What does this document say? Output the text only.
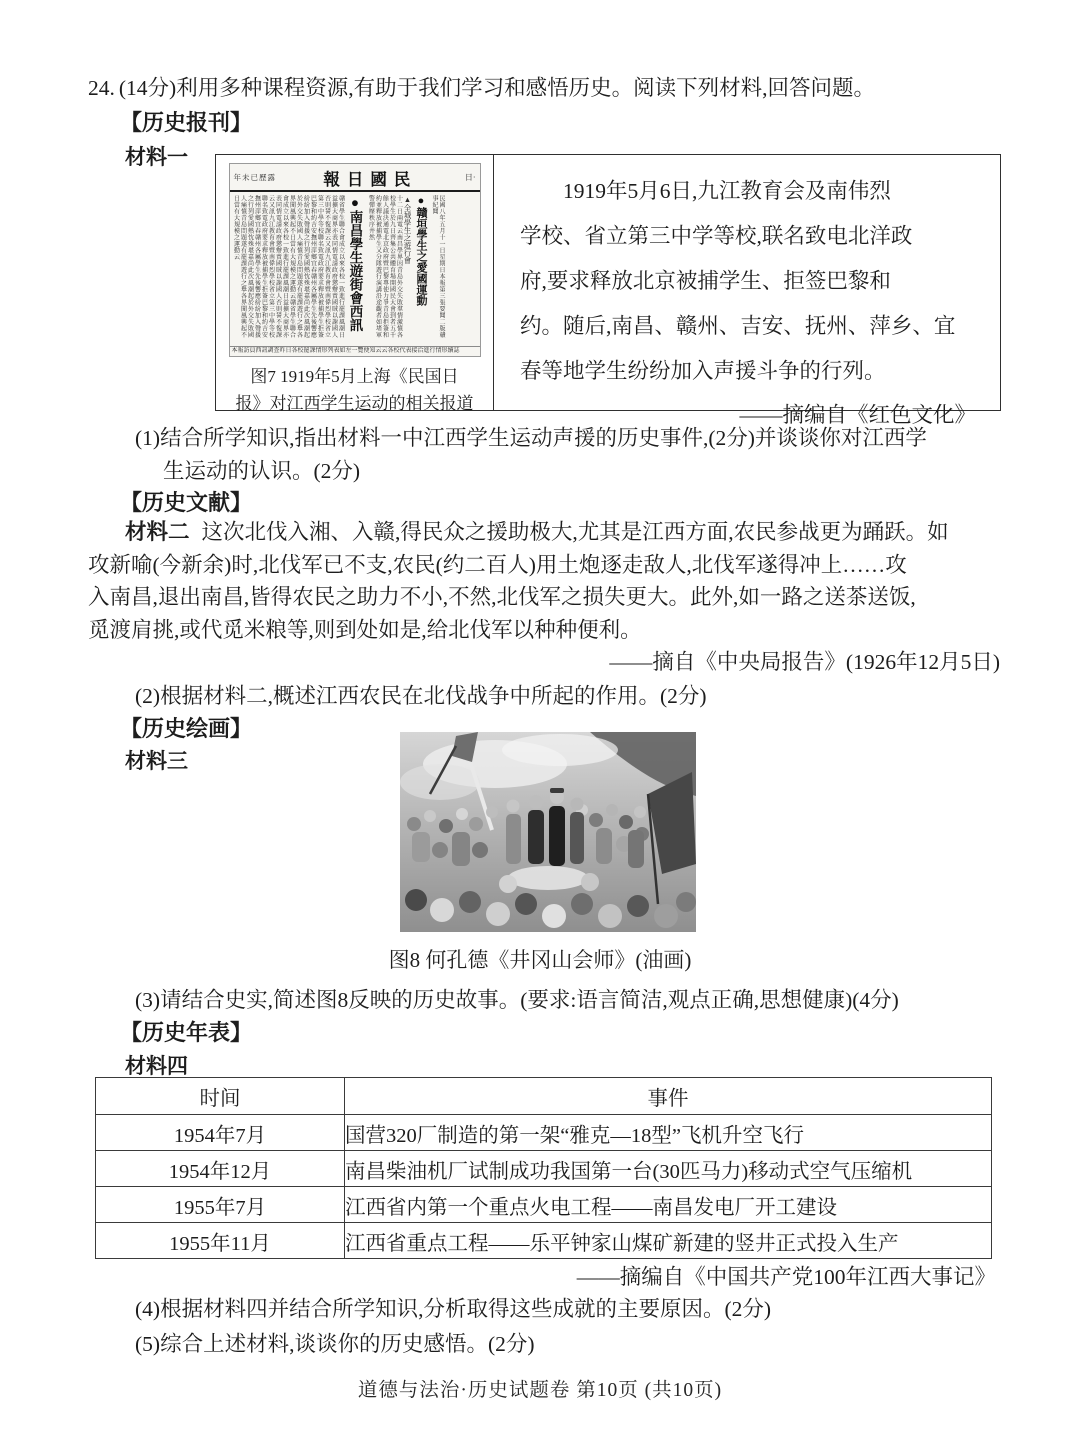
24. (14分)利用多种课程资源,有助于我们学习和感悟历史。阅读下列材料,回答问题。
【历史报刊】
材料一
年未已歷露	報日國民	日·
民國八年五月十一日星期日本報第三張要聞二版贛事紀聞
●贛垣學生之愛國運動
▲全城學生之遊行會
十二日兩電云南昌學界因青島外交失敗羣情激憤各校學生於九日齊集公共體育場開國民大會到者五千餘人議決通電北京政府暨巴黎專使力爭青島拒簽和約並釋放被捕學生又分隊遊行演講沿途觀者如堵軍警彈壓秩序井然
●南昌學生遊街會西訊
贛省學生聯合會成立以來各校一致進行罷課風潮日益擴大商界亦表同情電請政府懲辦賣國賊以謝國人否則誓不復課云又訊九江教育會暨南偉烈學校省立第三中學等校聯名致電政府要求釋放被捕學生拒簽巴黎和約吉安撫州萍鄉宜春贛州各屬學生先後響應紛紛加入聲援之行列愛國熱忱殊堪嘉尚此次風潮起於外交失敗國人痛憤青島問題遂有罷課遊行之舉各界聞風興起不日當有大規模之運動云贛省學生聯合會成立以來各校一致進行罷課風潮日益擴大商界亦表同情電請政府懲辦賣國賊以謝國人否則誓不復課云又訊九江教育會暨南偉烈學校省立第三中學等校聯名致電政府要求釋放被捕學生拒簽巴黎和約吉安撫州萍鄉宜春贛州各屬學生先後響應紛紛加入聲援之行列愛國熱忱殊堪嘉尚此次風潮起於外交失敗國人痛憤青島問題遂有罷課遊行之舉各界聞風興起不日當有大規模之運動云
本報訪員西訊調查昨日各校罷課情形列表如左一覽便知云云各校代表接洽進行情形續誌
图7 1919年5月上海《民国日
报》对江西学生运动的相关报道
1919年5月6日,九江教育会及南伟烈
学校、省立第三中学等校,联名致电北洋政
府,要求释放北京被捕学生、拒签巴黎和
约。随后,南昌、赣州、吉安、抚州、萍乡、宜
春等地学生纷纷加入声援斗争的行列。
——摘编自《红色文化》
(1)结合所学知识,指出材料一中江西学生运动声援的历史事件,(2分)并谈谈你对江西学
生运动的认识。(2分)
【历史文献】
材料二 这次北伐入湘、入赣,得民众之援助极大,尤其是江西方面,农民参战更为踊跃。如
攻新喻(今新余)时,北伐军已不支,农民(约二百人)用土炮逐走敌人,北伐军遂得冲上……攻
入南昌,退出南昌,皆得农民之助力不小,不然,北伐军之损失更大。此外,如一路之送茶送饭,
觅渡肩挑,或代觅米粮等,则到处如是,给北伐军以种种便利。
——摘自《中央局报告》(1926年12月5日)
(2)根据材料二,概述江西农民在北伐战争中所起的作用。(2分)
【历史绘画】
材料三
图8 何孔德《井冈山会师》(油画)
(3)请结合史实,简述图8反映的历史故事。(要求:语言简洁,观点正确,思想健康)(4分)
【历史年表】
材料四
时间	事件
1954年7月	国营320厂制造的第一架“雅克—18型”飞机升空飞行
1954年12月	南昌柴油机厂试制成功我国第一台(30匹马力)移动式空气压缩机
1955年7月	江西省内第一个重点火电工程——南昌发电厂开工建设
1955年11月	江西省重点工程——乐平钟家山煤矿新建的竖井正式投入生产
——摘编自《中国共产党100年江西大事记》
(4)根据材料四并结合所学知识,分析取得这些成就的主要原因。(2分)
(5)综合上述材料,谈谈你的历史感悟。(2分)
道德与法治·历史试题卷 第10页 (共10页)
